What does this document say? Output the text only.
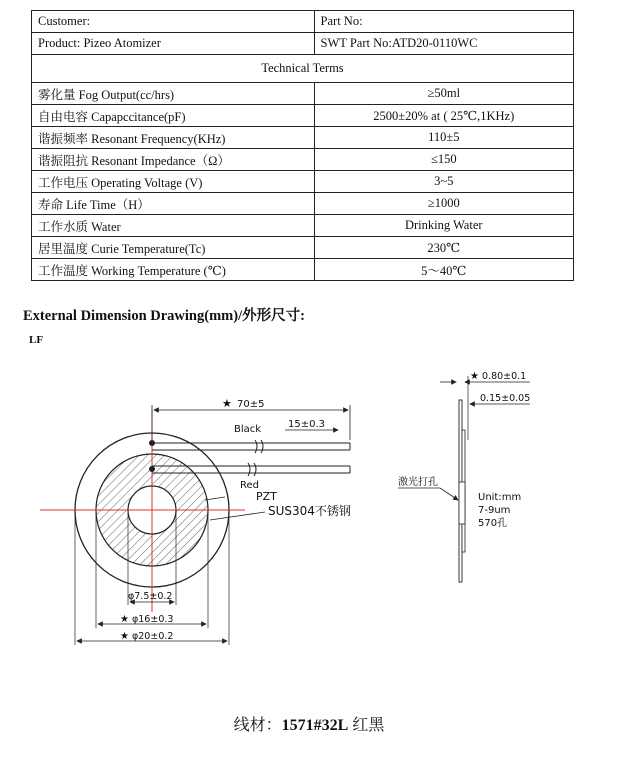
Customer:	Part No:
Product: Pizeo Atomizer	SWT Part No:ATD20-0110WC
Technical Terms	
雾化量 Fog Output(cc/hrs)	≥50ml
自由电容 Capapccitance(pF)	2500±20% at ( 25℃,1KHz)
谐振频率 Resonant Frequency(KHz)	110±5
谐振阻抗 Resonant Impedance（Ω）	≤150
工作电压 Operating Voltage (V)	3~5
寿命 Life Time（H）	≥1000
工作水质 Water	Drinking Water
居里温度 Curie Temperature(Tc)	230℃
工作温度 Working Temperature (℃)	5～40℃
External Dimension Drawing(mm)/外形尺寸:
LF
★ 70±5
15±0.3
Black
Red
PZT
SUS304不锈钢
φ7.5±0.2
★ φ16±0.3
★ φ20±0.2
★ 0.80±0.1
0.15±0.05
激光打孔
Unit:mm
7-9um
570孔
线材：1571#32L 红黑
